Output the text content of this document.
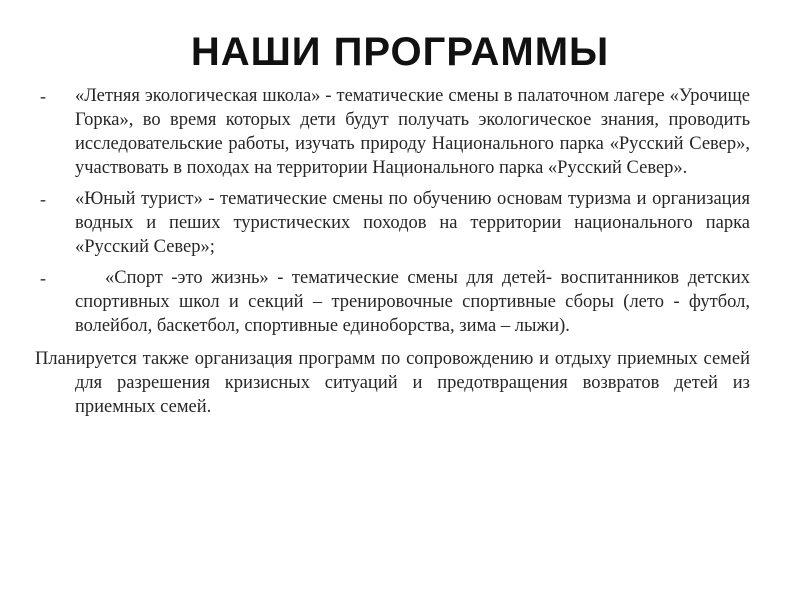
НАШИ ПРОГРАММЫ
- «Летняя экологическая школа» - тематические смены в палаточном лагере «Урочище Горка», во время которых дети будут получать экологическое знания, проводить исследовательские работы, изучать природу Национального парка «Русский Север», участвовать в походах на территории Национального парка «Русский Север».
- «Юный турист» - тематические смены по обучению основам туризма и организация водных и пеших туристических походов на территории национального парка «Русский Север»;
-	«Спорт -это жизнь» - тематические смены для детей- воспитанников детских спортивных школ и секций – тренировочные спортивные сборы (лето - футбол, волейбол, баскетбол, спортивные единоборства, зима – лыжи).
Планируется также организация программ по сопровождению и отдыху приемных семей для разрешения кризисных ситуаций и предотвращения возвратов детей из приемных семей.
